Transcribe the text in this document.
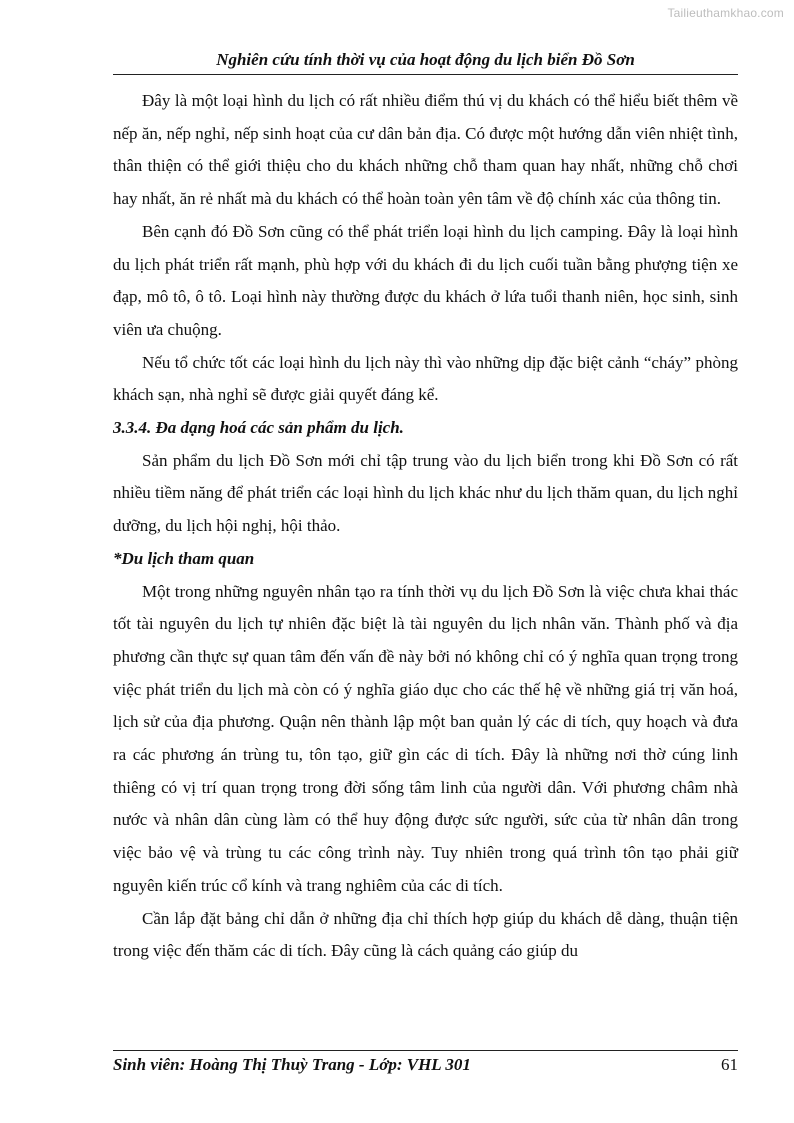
Tailieuthamkhao.com
Nghiên cứu tính thời vụ của hoạt động du lịch biển Đồ Sơn

Đây là một loại hình du lịch có rất nhiều điểm thú vị du khách có thể hiểu biết thêm về nếp ăn, nếp nghỉ, nếp sinh hoạt của cư dân bản địa. Có được một hướng dẫn viên nhiệt tình, thân thiện có thể giới thiệu cho du khách những chỗ tham quan hay nhất, những chỗ chơi hay nhất, ăn rẻ nhất mà du khách có thể hoàn toàn yên tâm về độ chính xác của thông tin.

Bên cạnh đó Đồ Sơn cũng có thể phát triển loại hình du lịch camping. Đây là loại hình du lịch phát triển rất mạnh, phù hợp với du khách đi du lịch cuối tuần bằng phượng tiện xe đạp, mô tô, ô tô. Loại hình này thường được du khách ở lứa tuổi thanh niên, học sinh, sinh viên ưa chuộng.

Nếu tổ chức tốt các loại hình du lịch này thì vào những dịp đặc biệt cảnh “cháy” phòng khách sạn, nhà nghỉ sẽ được giải quyết đáng kể.

3.3.4. Đa dạng hoá các sản phẩm du lịch.

Sản phẩm du lịch Đồ Sơn mới chỉ tập trung vào du lịch biển trong khi Đồ Sơn có rất nhiều tiềm năng để phát triển các loại hình du lịch khác như du lịch thăm quan, du lịch nghỉ dưỡng, du lịch hội nghị, hội thảo.

*Du lịch tham quan

Một trong những nguyên nhân tạo ra tính thời vụ du lịch Đồ Sơn là việc chưa khai thác tốt tài nguyên du lịch tự nhiên đặc biệt là tài nguyên du lịch nhân văn. Thành phố và địa phương cần thực sự quan tâm đến vấn đề này bởi nó không chỉ có ý nghĩa quan trọng trong việc phát triển du lịch mà còn có ý nghĩa giáo dục cho các thế hệ về những giá trị văn hoá, lịch sử của địa phương. Quận nên thành lập một ban quản lý các di tích, quy hoạch và đưa ra các phương án trùng tu, tôn tạo, giữ gìn các di tích. Đây là những nơi thờ cúng linh thiêng có vị trí quan trọng trong đời sống tâm linh của người dân. Với phương châm nhà nước và nhân dân cùng làm có thể huy động được sức người, sức của từ nhân dân trong việc bảo vệ và trùng tu các công trình này. Tuy nhiên trong quá trình tôn tạo phải giữ nguyên kiến trúc cổ kính và trang nghiêm của các di tích.

Cần lắp đặt bảng chỉ dẫn ở những địa chỉ thích hợp giúp du khách dễ dàng, thuận tiện trong việc đến thăm các di tích. Đây cũng là cách quảng cáo giúp du

Sinh viên: Hoàng Thị Thuỳ Trang - Lớp: VHL 301	61
